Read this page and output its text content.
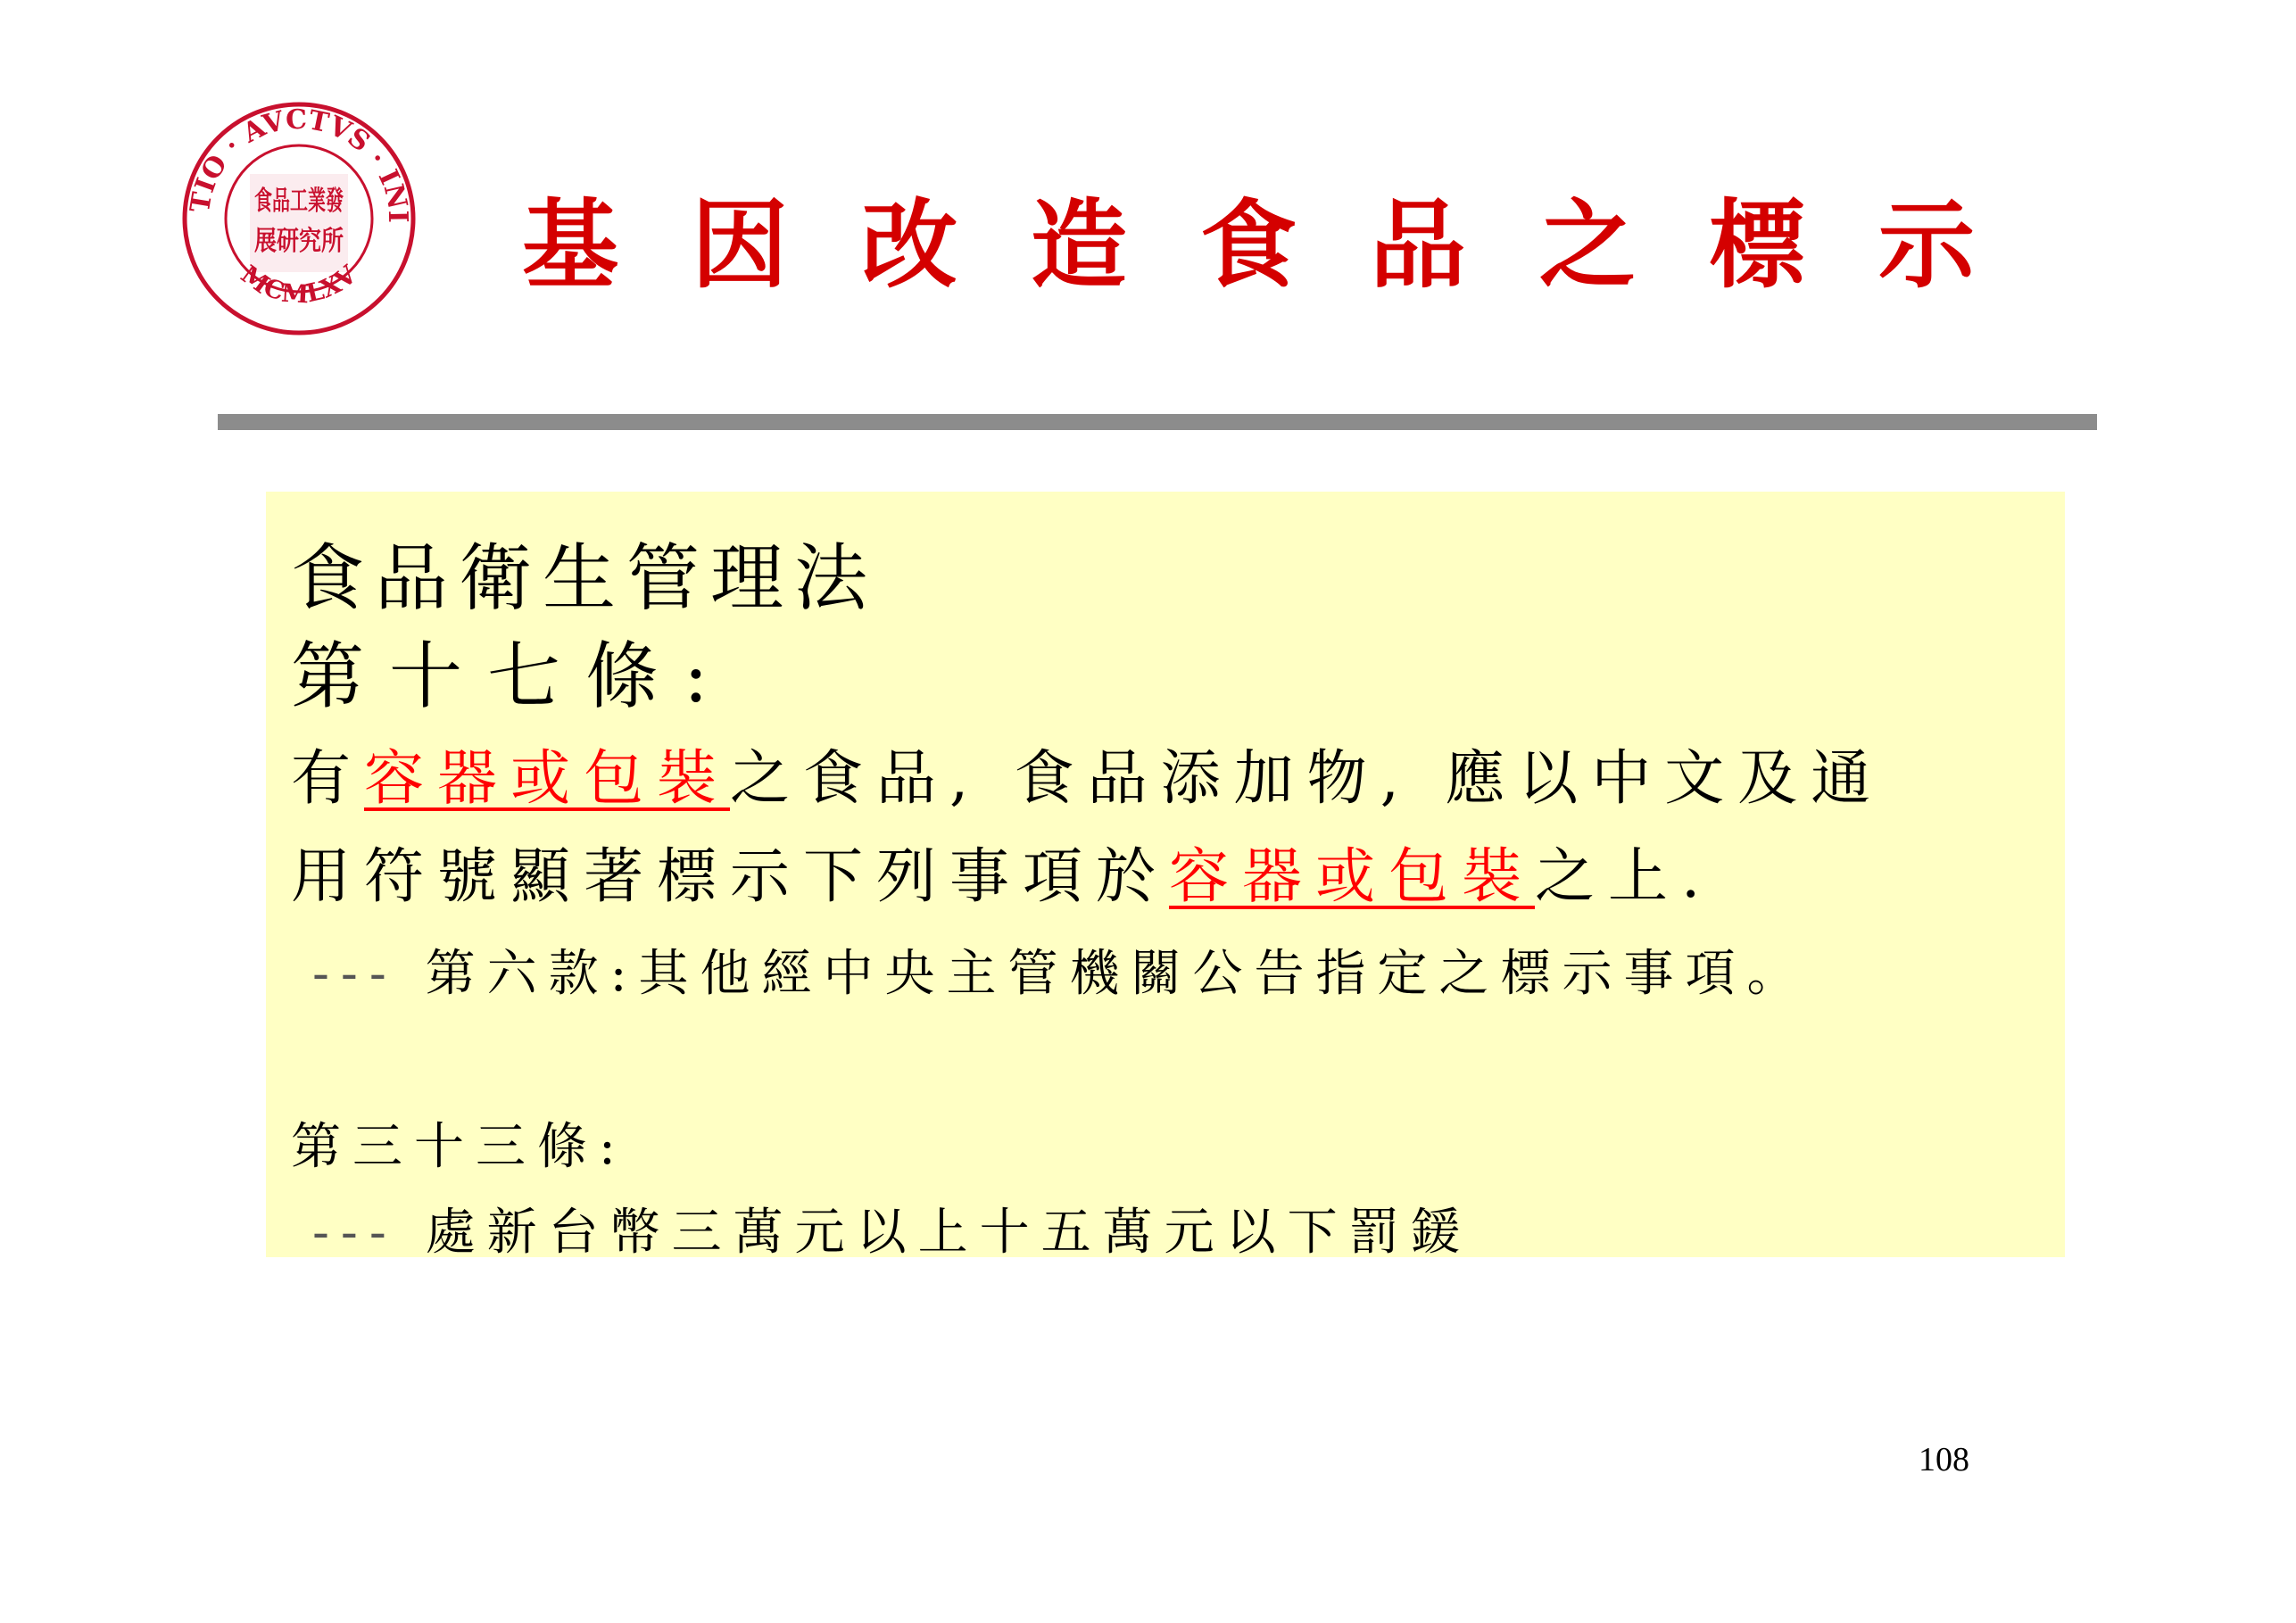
TIO · AVCTVS · INI
MCMLXV
食品工業發
展研究所 基因改造食品之標示
食品衛生管理法
第十七條:
有容器或包裝之食品, 食品添加物, 應以中文及通
用符號顯著標示下列事項於容器或包裝之上.
--- 第六款:其他經中央主管機關公告指定之標示事項。
第三十三條:
--- 處新台幣三萬元以上十五萬元以下罰鍰
108
